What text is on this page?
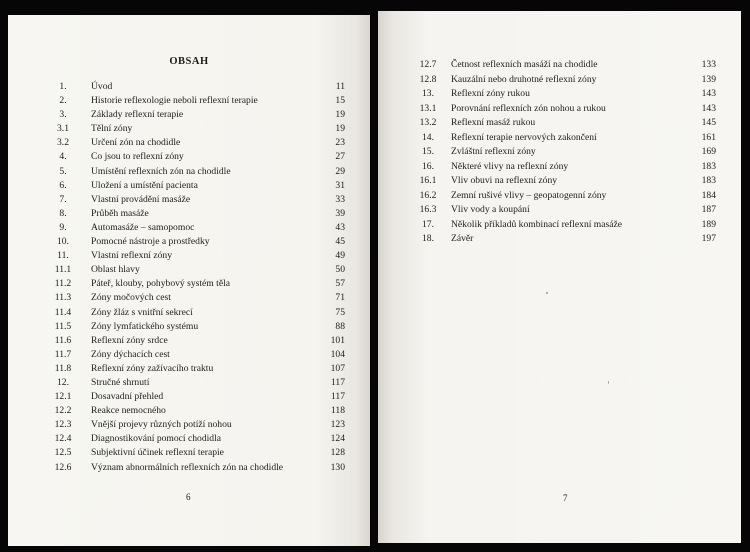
OBSAH
1.	Úvod	11
2.	Historie reflexologie neboli reflexní terapie	15
3.	Základy reflexní terapie	19
3.1	Tělní zóny	19
3.2	Určení zón na chodidle	23
4.	Co jsou to reflexní zóny	27
5.	Umístění reflexních zón na chodidle	29
6.	Uložení a umístění pacienta	31
7.	Vlastní provádění masáže	33
8.	Průběh masáže	39
9.	Automasáže – samopomoc	43
10.	Pomocné nástroje a prostředky	45
11.	Vlastní reflexní zóny	49
11.1	Oblast hlavy	50
11.2	Páteř, klouby, pohybový systém těla	57
11.3	Zóny močových cest	71
11.4	Zóny žláz s vnitřní sekrecí	75
11.5	Zóny lymfatického systému	88
11.6	Reflexní zóny srdce	101
11.7	Zóny dýchacích cest	104
11.8	Reflexní zóny zažívacího traktu	107
12.	Stručné shrnutí	117
12.1	Dosavadní přehled	117
12.2	Reakce nemocného	118
12.3	Vnější projevy různých potíží nohou	123
12.4	Diagnostikování pomocí chodidla	124
12.5	Subjektivní účinek reflexní terapie	128
12.6	Význam abnormálních reflexních zón na chodidle	130
6
12.7	Četnost reflexních masáží na chodidle	133
12.8	Kauzální nebo druhotné reflexní zóny	139
13.	Reflexní zóny rukou	143
13.1	Porovnání reflexních zón nohou a rukou	143
13.2	Reflexní masáž rukou	145
14.	Reflexní terapie nervových zakončení	161
15.	Zvláštní reflexní zóny	169
16.	Některé vlivy na reflexní zóny	183
16.1	Vliv obuvi na reflexní zóny	183
16.2	Zemní rušivé vlivy – geopatogenní zóny	184
16.3	Vliv vody a koupání	187
17.	Několik příkladů kombinací reflexní masáže	189
18.	Závěr	197
7
